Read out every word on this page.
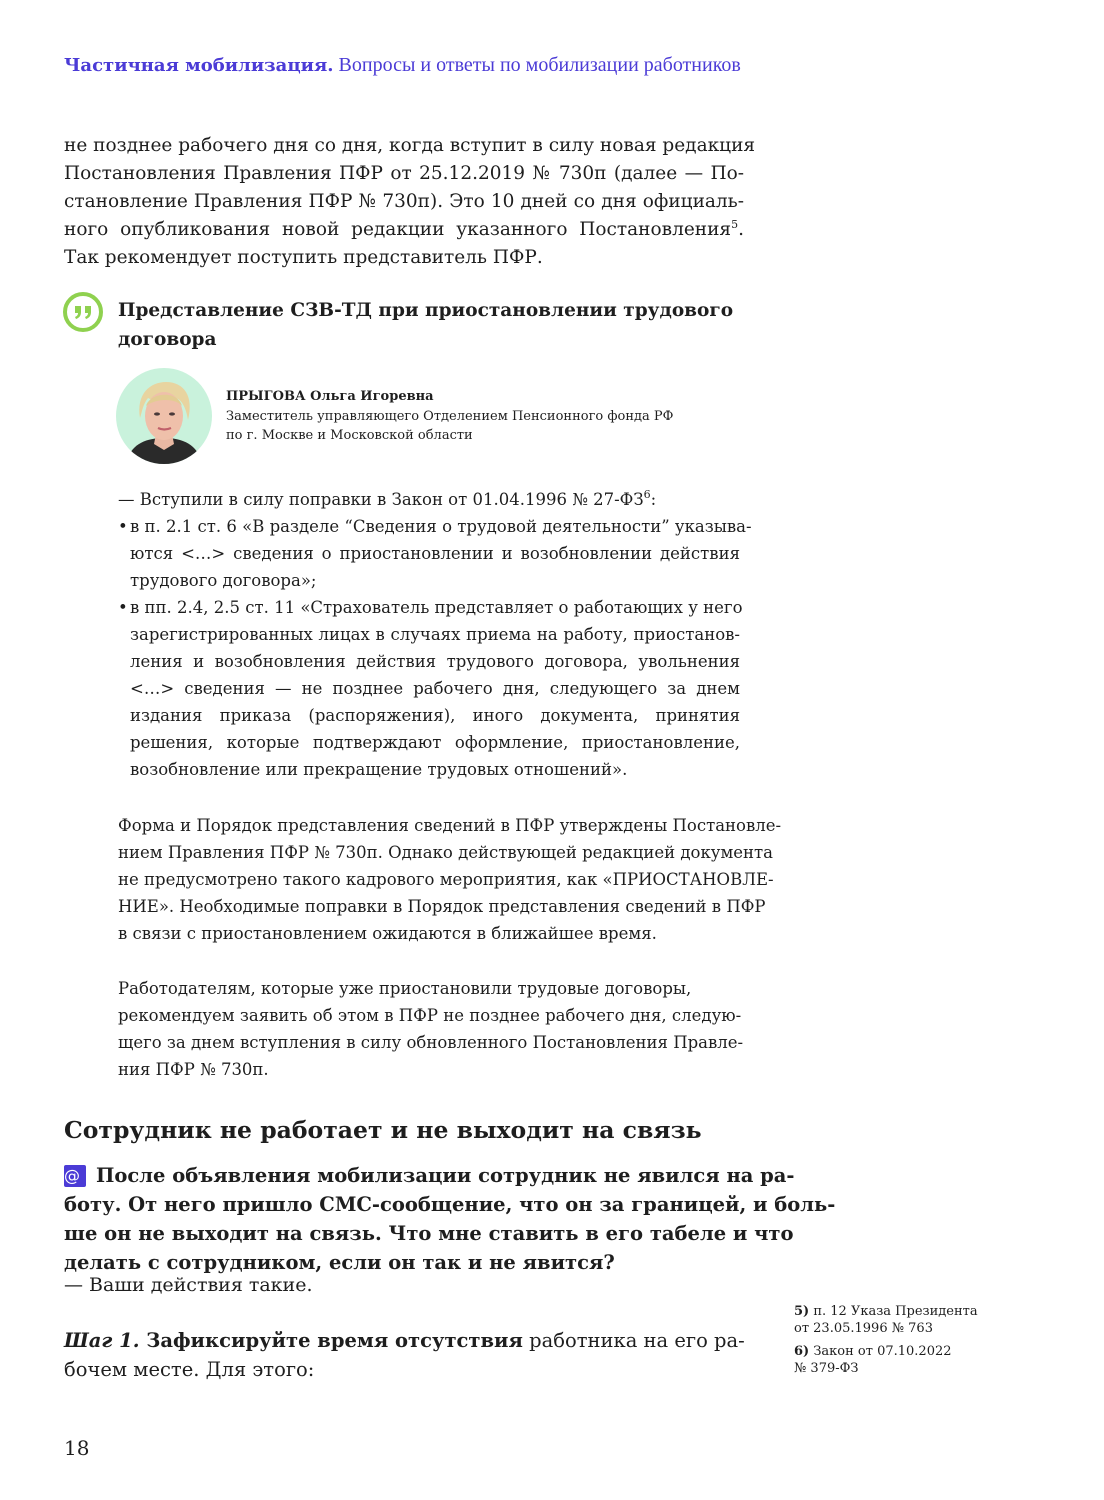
Частичная мобилизация. Вопросы и ответы по мобилизации работников
не позднее рабочего дня со дня, когда вступит в силу новая редакция
Постановления Правления ПФР от 25.12.2019 № 730п (далее — По-
становление Правления ПФР № 730п). Это 10 дней со дня официаль-
ного опубликования новой редакции указанного Постановления$^5$.
Так рекомендует поступить представитель ПФР.
Представление СЗВ-ТД при приостановлении трудового
договора
ПРЫГОВА Ольга Игоревна
Заместитель управляющего Отделением Пенсионного фонда РФ
по г. Москве и Московской области
— Вступили в силу поправки в Закон от 01.04.1996 № $27-ФЗ^6$:
• в п. 2.1 ст. 6 «В разделе “Сведения о трудовой деятельности” указыва-
ются <…> сведения о приостановлении и возобновлении действия
трудового договора»;
• в пп. 2.4, 2.5 ст. 11 «Страхователь представляет о работающих у него
зарегистрированных лицах в случаях приема на работу, приостанов-
ления и возобновления действия трудового договора, увольнения
<…> сведения — не позднее рабочего дня, следующего за днем
издания приказа (распоряжения), иного документа, принятия
решения, которые подтверждают оформление, приостановление,
возобновление или прекращение трудовых отношений».
Форма и Порядок представления сведений в ПФР утверждены Постановле-
нием Правления ПФР № 730п. Однако действующей редакцией документа
не предусмотрено такого кадрового мероприятия, как «ПРИОСТАНОВЛЕ-
НИЕ». Необходимые поправки в Порядок представления сведений в ПФР
в связи с приостановлением ожидаются в ближайшее время.
Работодателям, которые уже приостановили трудовые договоры,
рекомендуем заявить об этом в ПФР не позднее рабочего дня, следую-
щего за днем вступления в силу обновленного Постановления Правле-
ния ПФР № 730п.
Сотрудник не работает и не выходит на связь
@ После объявления мобилизации сотрудник не явился на ра-
боту. От него пришло СМС-сообщение, что он за границей, и боль-
ше он не выходит на связь. Что мне ставить в его табеле и что
делать с сотрудником, если он так и не явится?
— Ваши действия такие.
Шаг 1. Зафиксируйте время отсутствия работника на его ра-
бочем месте. Для этого:
5) п. 12 Указа Президента
от 23.05.1996 № 763
6) Закон от 07.10.2022
№ 379-ФЗ
18
